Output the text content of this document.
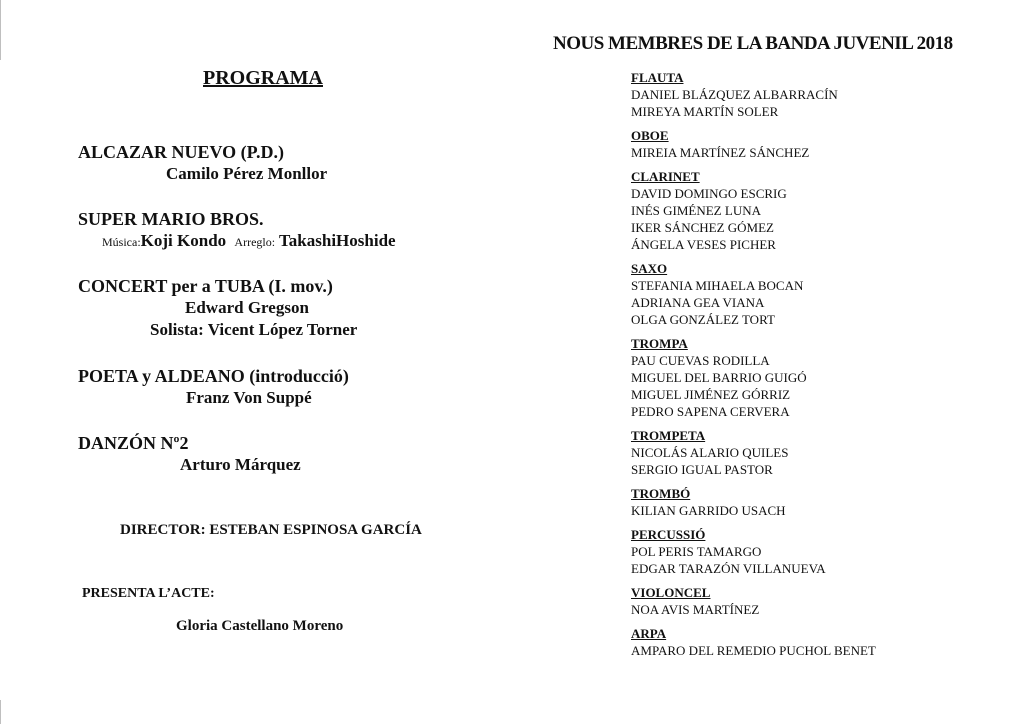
NOUS MEMBRES DE LA BANDA JUVENIL 2018
PROGRAMA
ALCAZAR NUEVO (P.D.)
Camilo Pérez Monllor
SUPER MARIO BROS.
Música:Koji Kondo Arreglo: TakashiHoshide
CONCERT per a TUBA (I. mov.)
Edward Gregson
Solista: Vicent López Torner
POETA y ALDEANO (introducció)
Franz Von Suppé
DANZÓN Nº2
Arturo Márquez
DIRECTOR: ESTEBAN ESPINOSA GARCÍA
PRESENTA L’ACTE:
Gloria Castellano Moreno
FLAUTA
DANIEL BLÁZQUEZ ALBARRACÍN
MIREYA MARTÍN SOLER
OBOE
MIREIA MARTÍNEZ SÁNCHEZ
CLARINET
DAVID DOMINGO ESCRIG
INÉS GIMÉNEZ LUNA
IKER SÁNCHEZ GÓMEZ
ÁNGELA VESES PICHER
SAXO
STEFANIA MIHAELA BOCAN
ADRIANA GEA VIANA
OLGA GONZÁLEZ TORT
TROMPA
PAU CUEVAS RODILLA
MIGUEL DEL BARRIO GUIGÓ
MIGUEL JIMÉNEZ GÓRRIZ
PEDRO SAPENA CERVERA
TROMPETA
NICOLÁS ALARIO QUILES
SERGIO IGUAL PASTOR
TROMBÓ
KILIAN GARRIDO USACH
PERCUSSIÓ
POL PERIS TAMARGO
EDGAR TARAZÓN VILLANUEVA
VIOLONCEL
NOA AVIS MARTÍNEZ
ARPA
AMPARO DEL REMEDIO PUCHOL BENET
